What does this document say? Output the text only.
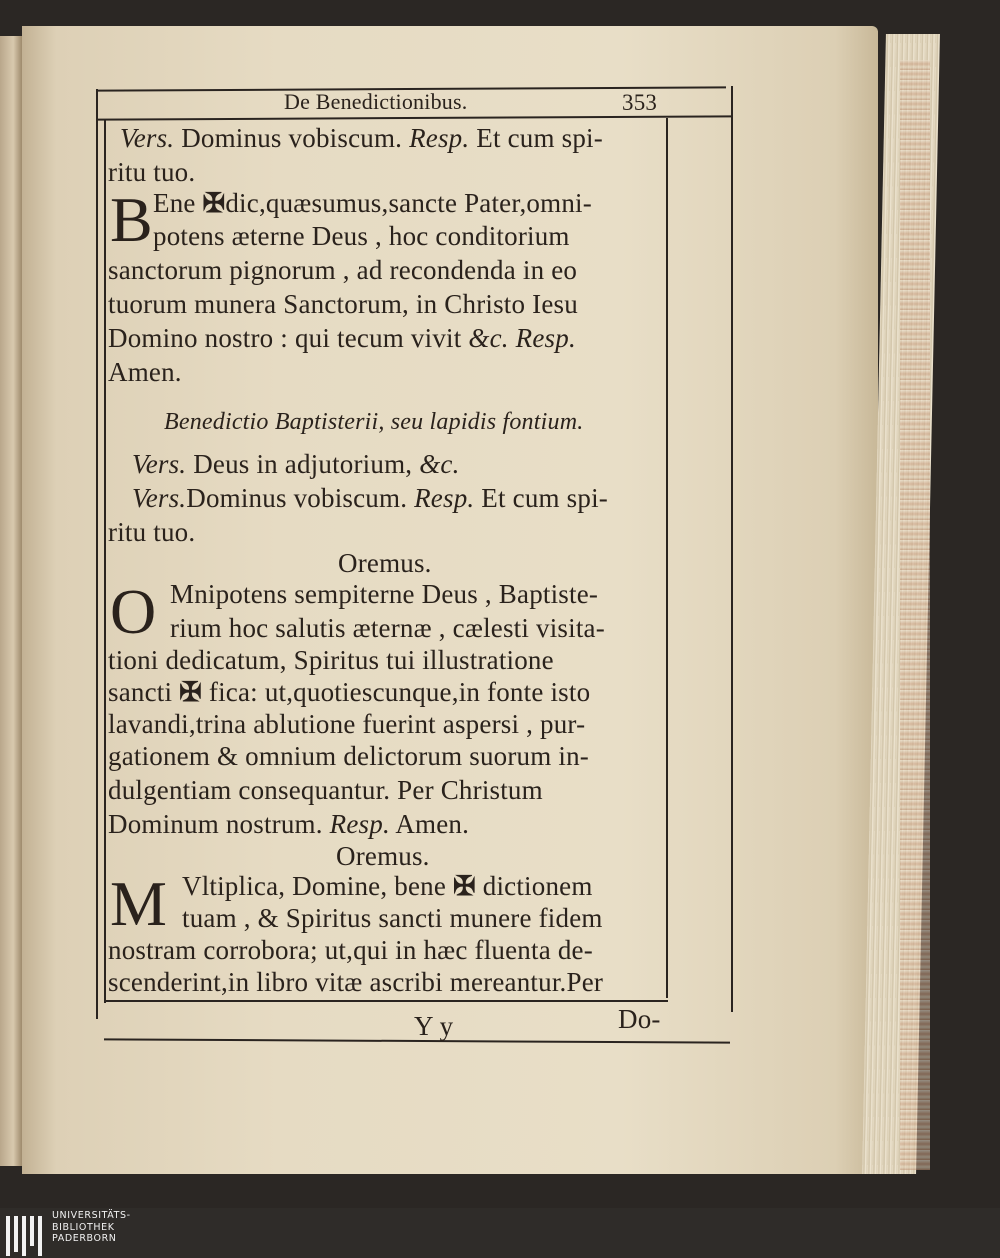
De Benedictionibus.	353
Vers. Dominus vobiscum. Resp. Et cum spi-
ritu tuo.
B Ene ✠dic,quæsumus,sancte Pater,omni-
potens æterne Deus , hoc conditorium
sanctorum pignorum , ad recondenda in eo
tuorum munera Sanctorum, in Christo Iesu
Domino nostro : qui tecum vivit &c. Resp.
Amen.
Benedictio Baptisterii, seu lapidis fontium.
Vers. Deus in adjutorium, &c.
Vers.Dominus vobiscum. Resp. Et cum spi-
ritu tuo.
Oremus.
O Mnipotens sempiterne Deus , Baptiste-
rium hoc salutis æternæ , cælesti visita-
tioni dedicatum, Spiritus tui illustratione
sancti ✠ fica: ut,quotiescunque,in fonte isto
lavandi,trina ablutione fuerint aspersi , pur-
gationem & omnium delictorum suorum in-
dulgentiam consequantur. Per Christum
Dominum nostrum. Resp. Amen.
Oremus.
M Vltiplica, Domine, bene ✠ dictionem
tuam , & Spiritus sancti munere fidem
nostram corrobora; ut,qui in hæc fluenta de-
scenderint,in libro vitæ ascribi mereantur.Per
Y y	Do-
UNIVERSITÄTS-
BIBLIOTHEK
PADERBORN
